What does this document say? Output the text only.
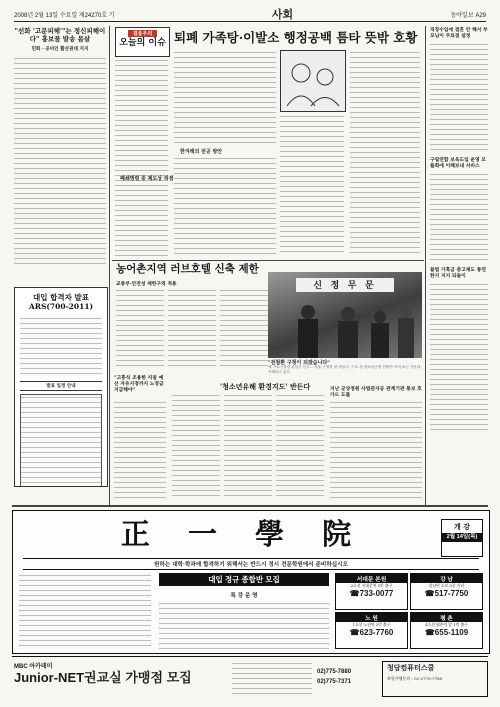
2008년 2월 13일 수요일 제24270호 기	사회	동아일보 A29
"선화 '고문피해'"는 정신피해이다" 홍보물 발송 몸살
민화 · 공비인 활산권대 지지
대입 합격자 발표 ARS(700-2011)
발표 일정 안내
걸음우의
오늘의 이슈 퇴폐 가족탕·이발소 행정공백 틈타 뜻밖 호황
한겨레의 전공 방안
폐쇄명령 중 제도상 허점
직장수입에 결혼 안 해서 부모님이 무료점 설정
구립연합 보육도입 운영 모를회에 이해보내 서비스
불법 가혹금 층고제도 통연한지 지지 되돌이
농어촌지역 러브호텔 신축 제한
교통부·안전성 제한구역 적용	신 정 무 문
"전철환 구청이 되겠습니다"
새 구로구청장 취임식 신고... 서울 구청장 첫 취임식. 구로 첫 청소년구청 전원이 지켜 보는 가운데 목례하고 있다
'청소년유해 환경지도' 반든다	지난 군상정원 사법관자공 관계기관 통보 호가드 도를
"고흥식 조용한 지침 예산 자유지정까지 노정금 지급해야"
正 一 學 院	개 강
2월 14일(목)
원하는 대학·학과에 합격하기 위해서는 반드시 정시 전문학원에서 준비하십시오
대입 정규 종합반 모집
특 강 운 영
서대문 본원
2호선 서대문역 5번 출구
☎733-0077
강 남
강남역 도보 5분 거리
☎517-7750
노 원
1호선 노원역 2번 출구
☎623-7760
평 촌
4호선 평촌역 앞 1번 출구
☎655-1109
MBC 아카데미
Junior-NET권교실 가맹점 모집	02)775-7880
02)775-7371
청담컴퓨터스쿨
학원가맹문의 : 02-2775-7780
